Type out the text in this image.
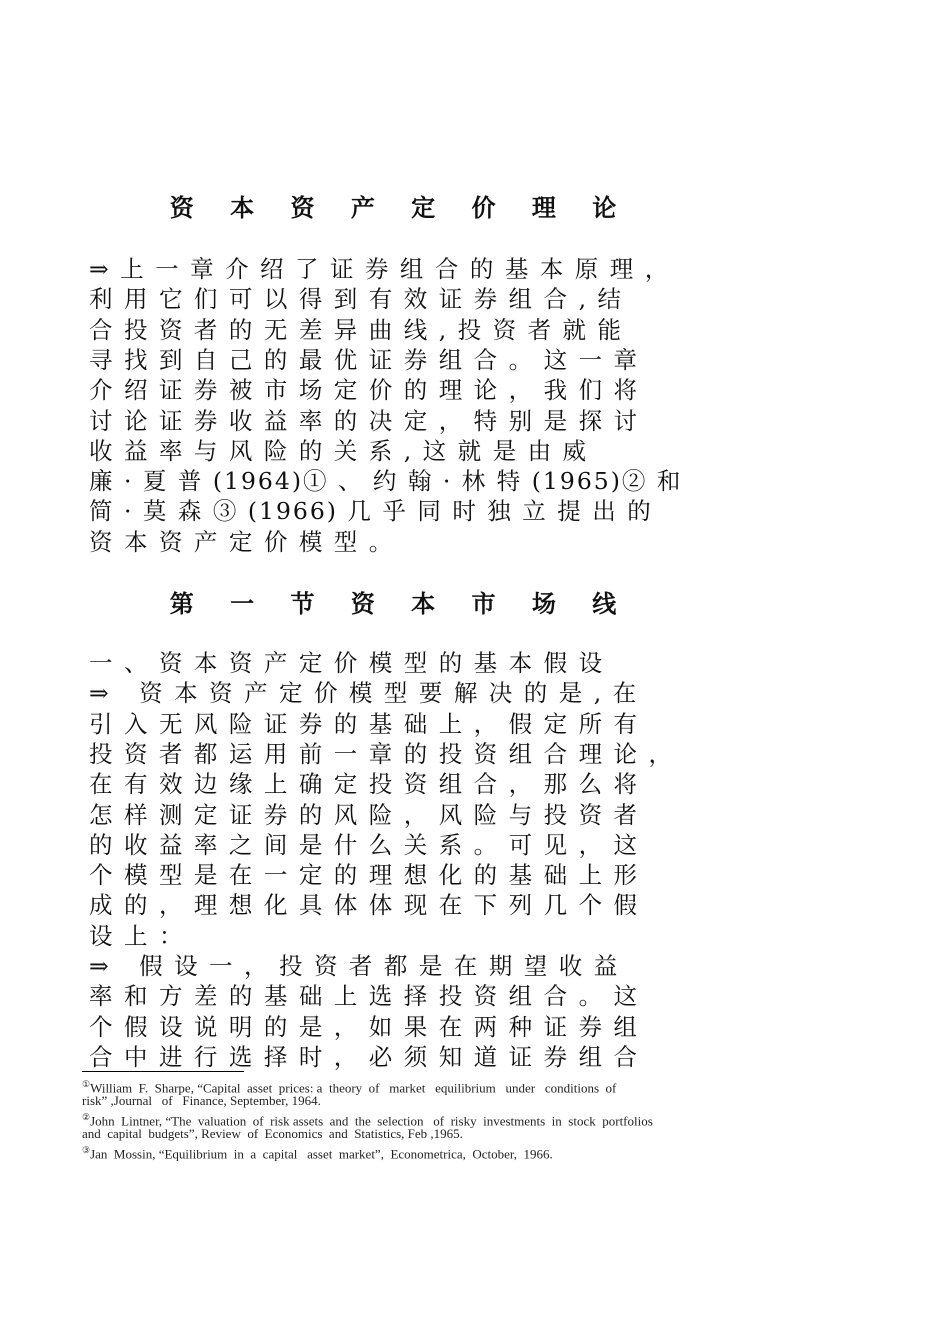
资 本 资 产 定 价 理 论
⇒ 上 一 章 介 绍 了 证 券 组 合 的 基 本 原 理 ，
利 用 它 们 可 以 得 到 有 效 证 券 组 合 , 结
合 投 资 者 的 无 差 异 曲 线 , 投 资 者 就 能
寻 找 到 自 己 的 最 优 证 券 组 合 。 这 一 章
介 绍 证 券 被 市 场 定 价 的 理 论 ， 我 们 将
讨 论 证 券 收 益 率 的 决 定 ， 特 别 是 探 讨
收 益 率 与 风 险 的 关 系 , 这 就 是 由 威
廉 · 夏 普 (1964)① 、 约 翰 · 林 特 (1965)② 和
简 · 莫 森 ③ (1966) 几 乎 同 时 独 立 提 出 的
资 本 资 产 定 价 模 型 。
第 一 节 资 本 市 场 线
一 、 资 本 资 产 定 价 模 型 的 基 本 假 设
⇒   资 本 资 产 定 价 模 型 要 解 决 的 是 , 在
引 入 无 风 险 证 券 的 基 础 上 ， 假 定 所 有
投 资 者 都 运 用 前 一 章 的 投 资 组 合 理 论 ，
在 有 效 边 缘 上 确 定 投 资 组 合 ， 那 么 将
怎 样 测 定 证 券 的 风 险 ， 风 险 与 投 资 者
的 收 益 率 之 间 是 什 么 关 系 。 可 见 ， 这
个 模 型 是 在 一 定 的 理 想 化 的 基 础 上 形
成 的 ， 理 想 化 具 体 体 现 在 下 列 几 个 假
设 上 ：
⇒   假 设 一 ， 投 资 者 都 是 在 期 望 收 益
率 和 方 差 的 基 础 上 选 择 投 资 组 合 。 这
个 假 设 说 明 的 是 ， 如 果 在 两 种 证 券 组
合 中 进 行 选 择 时 ， 必 须 知 道 证 券 组 合
①William  F.  Sharpe, “Capital  asset  prices: a  theory  of   market   equilibrium   under   conditions  of
risk” ,Journal   of   Finance, September, 1964.
②John  Lintner, “The  valuation  of  risk assets  and  the  selection   of  risky  investments  in  stock  portfolios
and  capital  budgets”, Review  of  Economics  and  Statistics, Feb ,1965.
③Jan  Mossin, “Equilibrium  in  a  capital   asset  market”,  Econometrica,  October,  1966.
